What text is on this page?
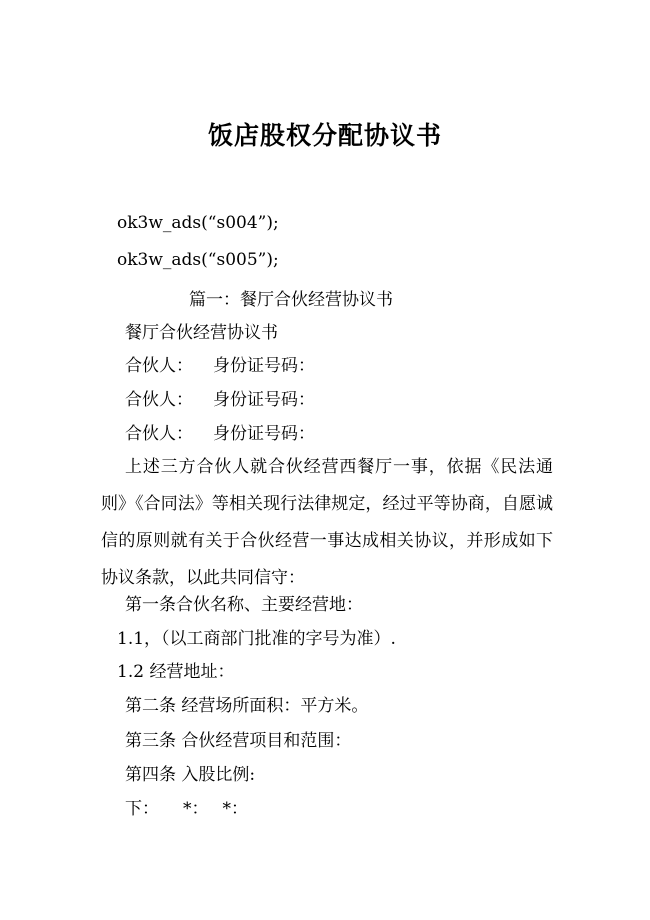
饭店股权分配协议书
ok3w_ads(“s004”);
ok3w_ads(“s005”);
篇一：餐厅合伙经营协议书
餐厅合伙经营协议书
合伙人： 身份证号码：
合伙人： 身份证号码：
合伙人： 身份证号码：
上述三方合伙人就合伙经营西餐厅一事，依据《民法通则》《合同法》等相关现行法律规定，经过平等协商，自愿诚信的原则就有关于合伙经营一事达成相关协议，并形成如下协议条款，以此共同信守：
第一条合伙名称、主要经营地：
1.1，（以工商部门批准的字号为准）.
1.2 经营地址：
第二条 经营场所面积：平方米。
第三条 合伙经营项目和范围：
第四条 入股比例:
下： *： *：
